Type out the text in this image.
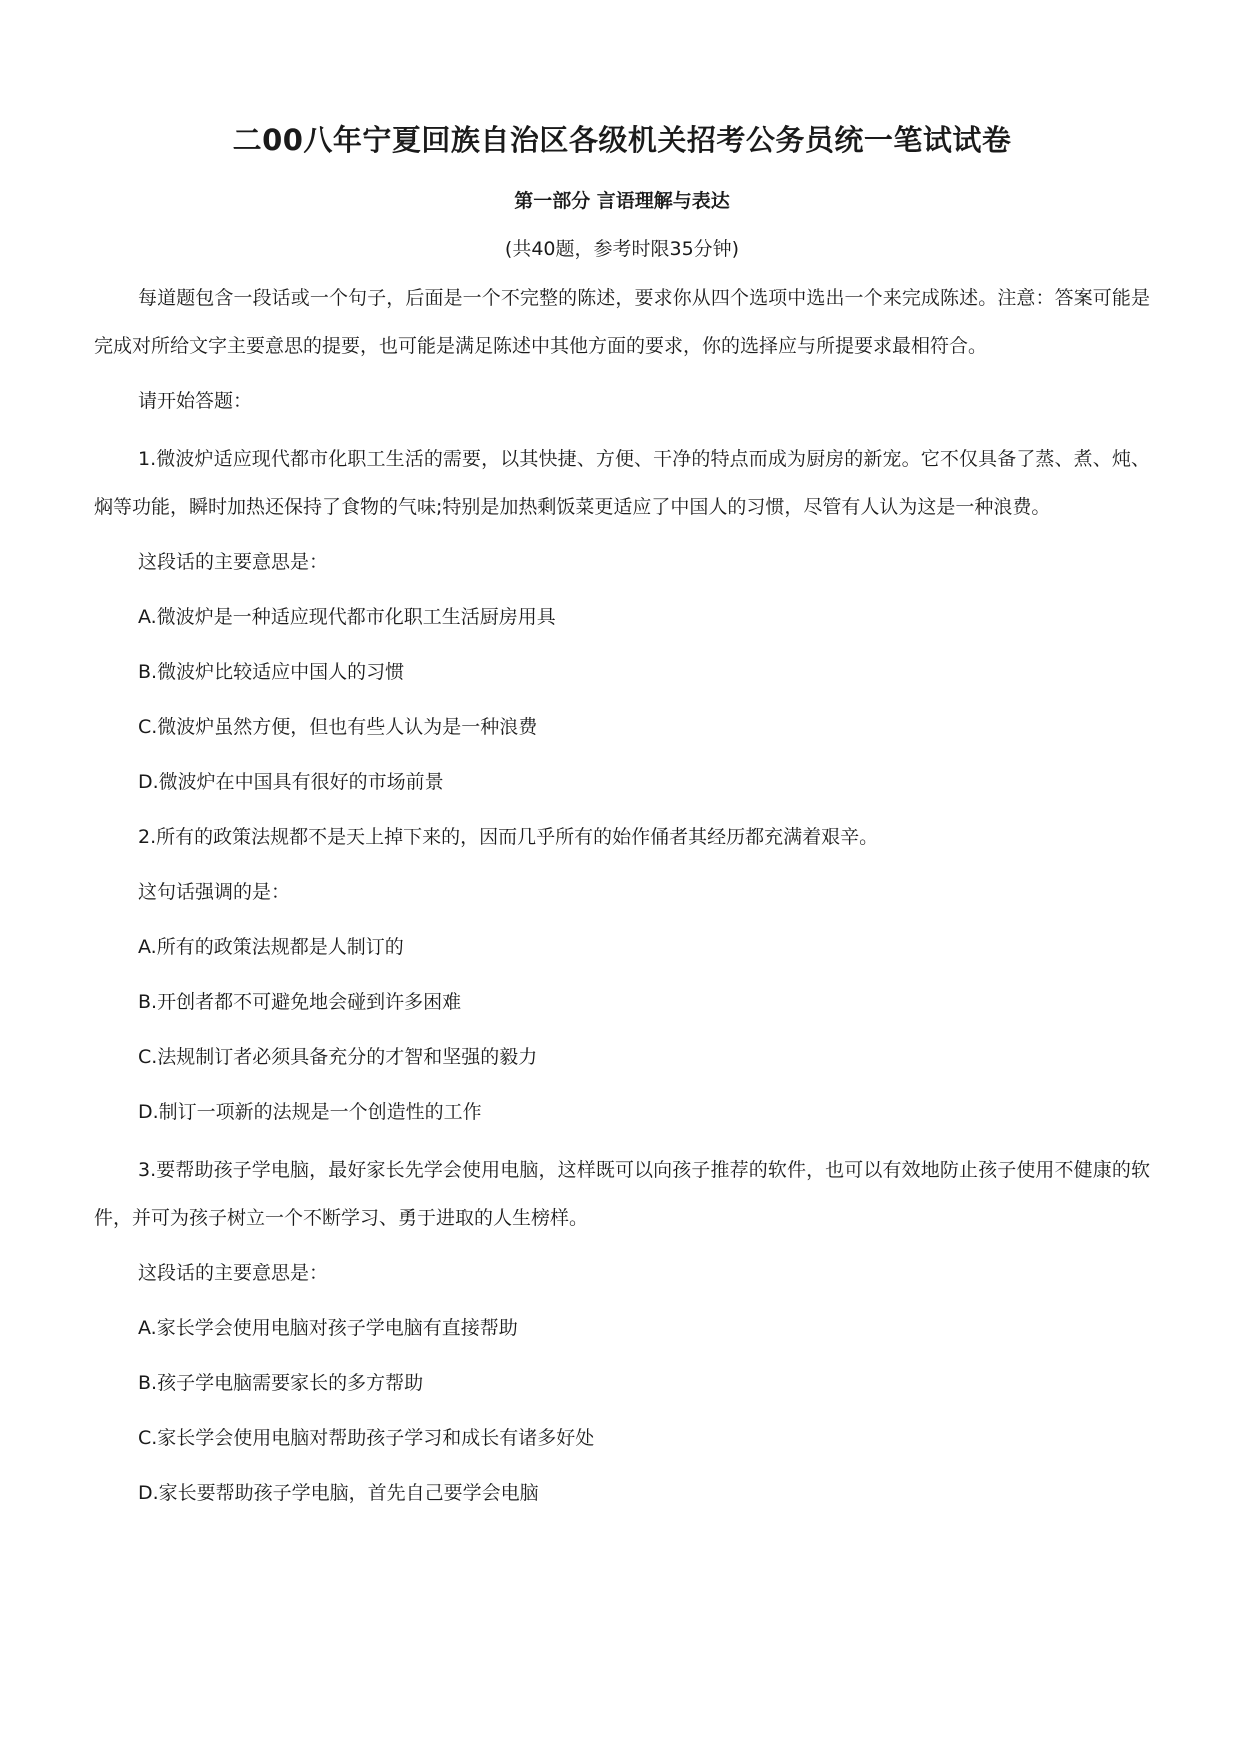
二00八年宁夏回族自治区各级机关招考公务员统一笔试试卷

第一部分 言语理解与表达

(共40题，参考时限35分钟)

每道题包含一段话或一个句子，后面是一个不完整的陈述，要求你从四个选项中选出一个来完成陈述。注意：答案可能是完成对所给文字主要意思的提要，也可能是满足陈述中其他方面的要求，你的选择应与所提要求最相符合。

请开始答题：

1.微波炉适应现代都市化职工生活的需要，以其快捷、方便、干净的特点而成为厨房的新宠。它不仅具备了蒸、煮、炖、焖等功能，瞬时加热还保持了食物的气味;特别是加热剩饭菜更适应了中国人的习惯，尽管有人认为这是一种浪费。

这段话的主要意思是：

A.微波炉是一种适应现代都市化职工生活厨房用具

B.微波炉比较适应中国人的习惯

C.微波炉虽然方便，但也有些人认为是一种浪费

D.微波炉在中国具有很好的市场前景

2.所有的政策法规都不是天上掉下来的，因而几乎所有的始作俑者其经历都充满着艰辛。

这句话强调的是：

A.所有的政策法规都是人制订的

B.开创者都不可避免地会碰到许多困难

C.法规制订者必须具备充分的才智和坚强的毅力

D.制订一项新的法规是一个创造性的工作

3.要帮助孩子学电脑，最好家长先学会使用电脑，这样既可以向孩子推荐的软件，也可以有效地防止孩子使用不健康的软件，并可为孩子树立一个不断学习、勇于进取的人生榜样。

这段话的主要意思是：

A.家长学会使用电脑对孩子学电脑有直接帮助

B.孩子学电脑需要家长的多方帮助

C.家长学会使用电脑对帮助孩子学习和成长有诸多好处

D.家长要帮助孩子学电脑，首先自己要学会电脑
